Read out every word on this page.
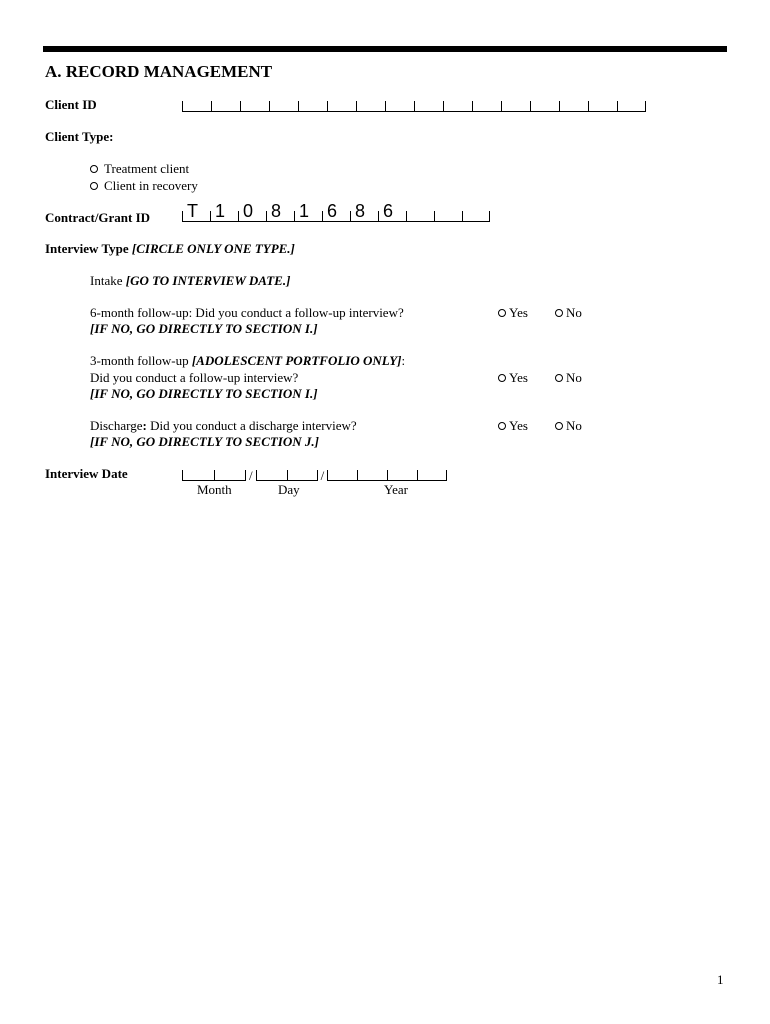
A. RECORD MANAGEMENT
Client ID
Client Type:
Treatment client
Client in recovery
Contract/Grant ID T 1 0 8 1 6 8 6
Interview Type [CIRCLE ONLY ONE TYPE.]
Intake [GO TO INTERVIEW DATE.]
6-month follow-up: Did you conduct a follow-up interview?
[IF NO, GO DIRECTLY TO SECTION I.]
Yes	No
3-month follow-up [ADOLESCENT PORTFOLIO ONLY]:
Did you conduct a follow-up interview?
[IF NO, GO DIRECTLY TO SECTION I.]
Yes	No
Discharge: Did you conduct a discharge interview?
[IF NO, GO DIRECTLY TO SECTION J.]
Yes	No
Interview Date	/	/
Month	Day	Year
1
